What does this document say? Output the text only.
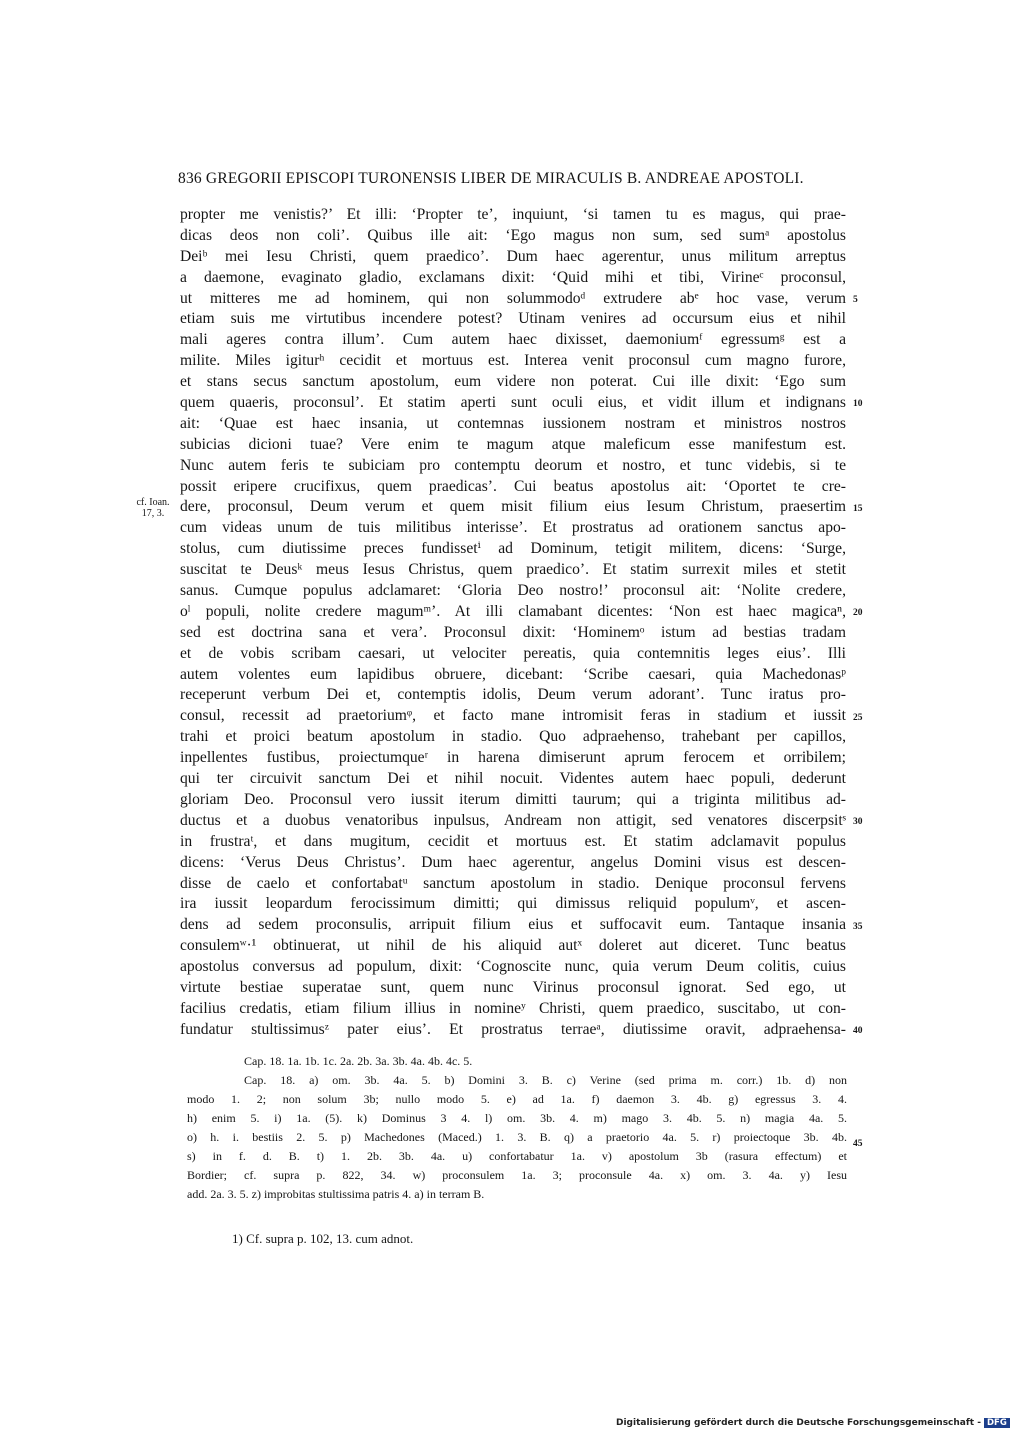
836 GREGORII EPISCOPI TURONENSIS LIBER DE MIRACULIS B. ANDREAE APOSTOLI.
cf. Ioan.
17, 3.
propter me venistis?’ Et illi: ‘Propter te’, inquiunt, ‘si tamen tu es magus, qui prae-
dicas deos non coli’. Quibus ille ait: ‘Ego magus non sum, sed sumᵃ apostolus
Deiᵇ mei Iesu Christi, quem praedico’. Dum haec agerentur, unus militum arreptus
a daemone, evaginato gladio, exclamans dixit: ‘Quid mihi et tibi, Virineᶜ proconsul,
ut mitteres me ad hominem, qui non solummodoᵈ extrudere abᵉ hoc vase, verum
etiam suis me virtutibus incendere potest? Utinam venires ad occursum eius et nihil
mali ageres contra illum’. Cum autem haec dixisset, daemoniumᶠ egressumᵍ est a
milite. Miles igiturʰ cecidit et mortuus est. Interea venit proconsul cum magno furore,
et stans secus sanctum apostolum, eum videre non poterat. Cui ille dixit: ‘Ego sum
quem quaeris, proconsul’. Et statim aperti sunt oculi eius, et vidit illum et indignans
ait: ‘Quae est haec insania, ut contemnas iussionem nostram et ministros nostros
subicias dicioni tuae? Vere enim te magum atque maleficum esse manifestum est.
Nunc autem feris te subiciam pro contemptu deorum et nostro, et tunc videbis, si te
possit eripere crucifixus, quem praedicas’. Cui beatus apostolus ait: ‘Oportet te cre-
dere, proconsul, Deum verum et quem misit filium eius Iesum Christum, praesertim
cum videas unum de tuis militibus interisse’. Et prostratus ad orationem sanctus apo-
stolus, cum diutissime preces fundissetⁱ ad Dominum, tetigit militem, dicens: ‘Surge,
suscitat te Deusᵏ meus Iesus Christus, quem praedico’. Et statim surrexit miles et stetit
sanus. Cumque populus adclamaret: ‘Gloria Deo nostro!’ proconsul ait: ‘Nolite credere,
oˡ populi, nolite credere magumᵐ’. At illi clamabant dicentes: ‘Non est haec magicaⁿ,
sed est doctrina sana et vera’. Proconsul dixit: ‘Hominemᵒ istum ad bestias tradam
et de vobis scribam caesari, ut velociter pereatis, quia contemnitis leges eius’. Illi
autem volentes eum lapidibus obruere, dicebant: ‘Scribe caesari, quia Machedonasᵖ
receperunt verbum Dei et, contemptis idolis, Deum verum adorant’. Tunc iratus pro-
consul, recessit ad praetoriumᵠ, et facto mane intromisit feras in stadium et iussit
trahi et proici beatum apostolum in stadio. Quo adpraehenso, trahebant per capillos,
inpellentes fustibus, proiectumqueʳ in harena dimiserunt aprum ferocem et orribilem;
qui ter circuivit sanctum Dei et nihil nocuit. Videntes autem haec populi, dederunt
gloriam Deo. Proconsul vero iussit iterum dimitti taurum; qui a triginta militibus ad-
ductus et a duobus venatoribus inpulsus, Andream non attigit, sed venatores discerpsitˢ
in frustraᵗ, et dans mugitum, cecidit et mortuus est. Et statim adclamavit populus
dicens: ‘Verus Deus Christus’. Dum haec agerentur, angelus Domini visus est descen-
disse de caelo et confortabatᵘ sanctum apostolum in stadio. Denique proconsul fervens
ira iussit leopardum ferocissimum dimitti; qui dimissus reliquid populumᵛ, et ascen-
dens ad sedem proconsulis, arripuit filium eius et suffocavit eum. Tantaque insania
consulemʷ·¹ obtinuerat, ut nihil de his aliquid autˣ doleret aut diceret. Tunc beatus
apostolus conversus ad populum, dixit: ‘Cognoscite nunc, quia verum Deum colitis, cuius
virtute bestiae superatae sunt, quem nunc Virinus proconsul ignorat. Sed ego, ut
facilius credatis, etiam filium illius in nomineʸ Christi, quem praedico, suscitabo, ut con-
fundatur stultissimusᶻ pater eius’. Et prostratus terraeᵃ, diutissime oravit, adpraehensa-
5
10
15
20
25
30
35
40
Cap. 18. 1a. 1b. 1c. 2a. 2b. 3a. 3b. 4a. 4b. 4c. 5.
Cap. 18. a) om. 3b. 4a. 5. b) Domini 3. B. c) Verine (sed prima m. corr.) 1b. d) non
modo 1. 2; non solum 3b; nullo modo 5. e) ad 1a. f) daemon 3. 4b. g) egressus 3. 4.
h) enim 5. i) 1a. (5). k) Dominus 3 4. l) om. 3b. 4. m) mago 3. 4b. 5. n) magia 4a. 5.
o) h. i. bestiis 2. 5. p) Machedones (Maced.) 1. 3. B. q) a praetorio 4a. 5. r) proiectoque 3b. 4b.
s) in f. d. B. t) 1. 2b. 3b. 4a. u) confortabatur 1a. v) apostolum 3b (rasura effectum) et
Bordier; cf. supra p. 822, 34. w) proconsulem 1a. 3; proconsule 4a. x) om. 3. 4a. y) Iesu
add. 2a. 3. 5. z) improbitas stultissima patris 4. a) in terram B.
45
1) Cf. supra p. 102, 13. cum adnot.
Digitalisierung gefördert durch die Deutsche Forschungsgemeinschaft - DFG
